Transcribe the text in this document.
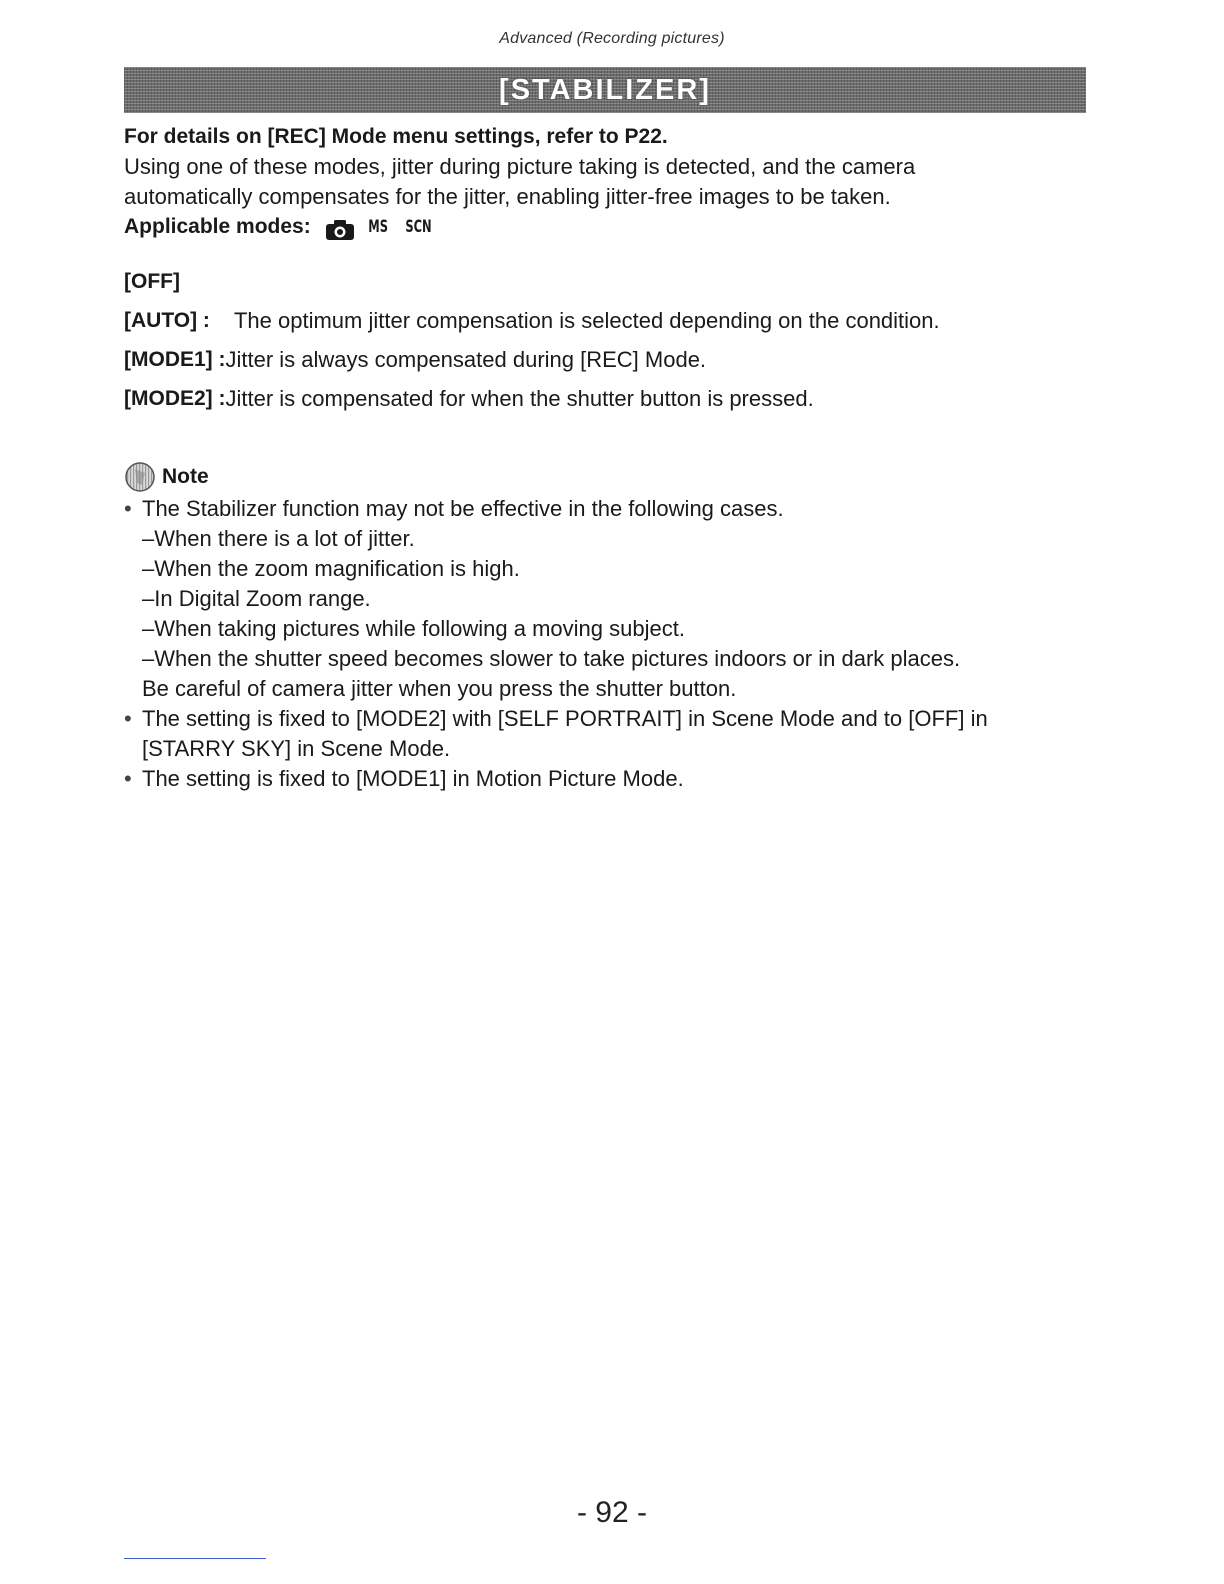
Advanced (Recording pictures)
[STABILIZER]

For details on [REC] Mode menu settings, refer to P22.

Using one of these modes, jitter during picture taking is detected, and the camera

automatically compensates for the jitter, enabling jitter-free images to be taken.

Applicable modes:	MS SCN
[OFF]
[AUTO] : The optimum jitter compensation is selected depending on the condition.
[MODE1] : Jitter is always compensated during [REC] Mode.
[MODE2] : Jitter is compensated for when the shutter button is pressed.
Note
• The Stabilizer function may not be effective in the following cases.
–When there is a lot of jitter.
–When the zoom magnification is high.
–In Digital Zoom range.
–When taking pictures while following a moving subject.
–When the shutter speed becomes slower to take pictures indoors or in dark places.
Be careful of camera jitter when you press the shutter button.
• The setting is fixed to [MODE2] with [SELF PORTRAIT] in Scene Mode and to [OFF] in
[STARRY SKY] in Scene Mode.
• The setting is fixed to [MODE1] in Motion Picture Mode.
- 92 -
